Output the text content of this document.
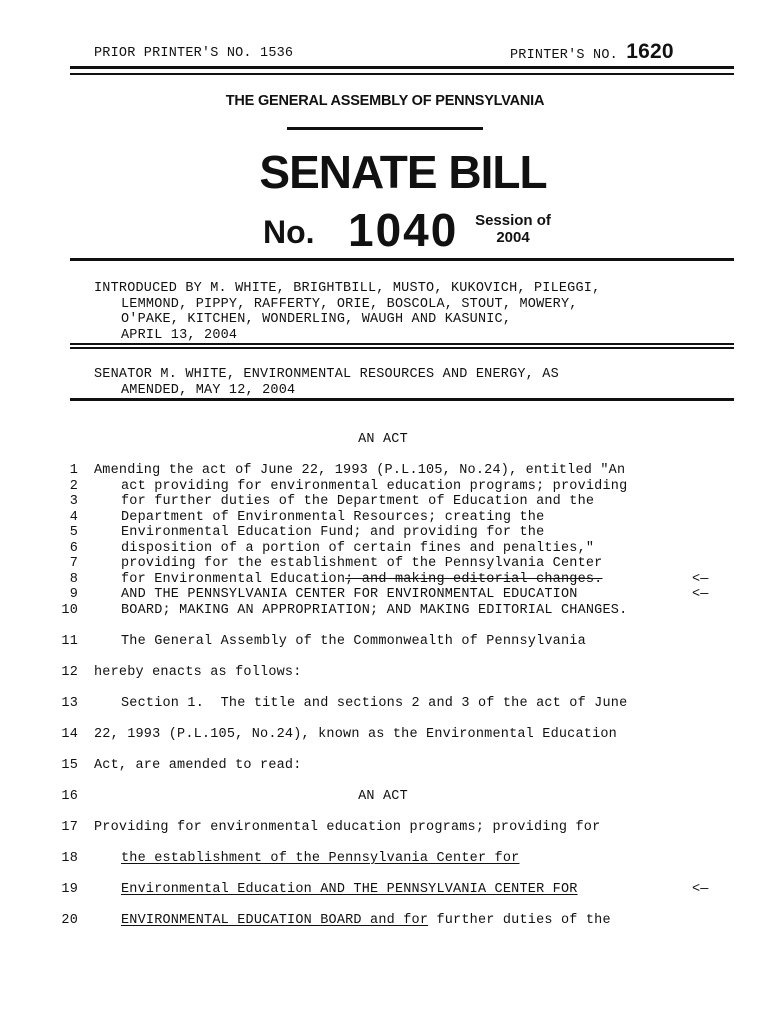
PRIOR PRINTER'S NO. 1536	PRINTER'S NO. 1620
THE GENERAL ASSEMBLY OF PENNSYLVANIA
SENATE BILL
No. 1040	Session of
2004
INTRODUCED BY M. WHITE, BRIGHTBILL, MUSTO, KUKOVICH, PILEGGI,
LEMMOND, PIPPY, RAFFERTY, ORIE, BOSCOLA, STOUT, MOWERY,
O'PAKE, KITCHEN, WONDERLING, WAUGH AND KASUNIC,
APRIL 13, 2004
SENATOR M. WHITE, ENVIRONMENTAL RESOURCES AND ENERGY, AS
AMENDED, MAY 12, 2004
AN ACT
1 Amending the act of June 22, 1993 (P.L.105, No.24), entitled "An
2	act providing for environmental education programs; providing
3	for further duties of the Department of Education and the
4	Department of Environmental Resources; creating the
5	Environmental Education Fund; and providing for the
6	disposition of a portion of certain fines and penalties,"
7	providing for the establishment of the Pennsylvania Center
8	for Environmental Education; and making editorial changes.	<—
9	AND THE PENNSYLVANIA CENTER FOR ENVIRONMENTAL EDUCATION	<—
10	BOARD; MAKING AN APPROPRIATION; AND MAKING EDITORIAL CHANGES.
11	The General Assembly of the Commonwealth of Pennsylvania
12 hereby enacts as follows:
13	Section 1.  The title and sections 2 and 3 of the act of June
14 22, 1993 (P.L.105, No.24), known as the Environmental Education
15 Act, are amended to read:
16	AN ACT
17 Providing for environmental education programs; providing for
18	the establishment of the Pennsylvania Center for
19	Environmental Education AND THE PENNSYLVANIA CENTER FOR	<—
20	ENVIRONMENTAL EDUCATION BOARD and for further duties of the
